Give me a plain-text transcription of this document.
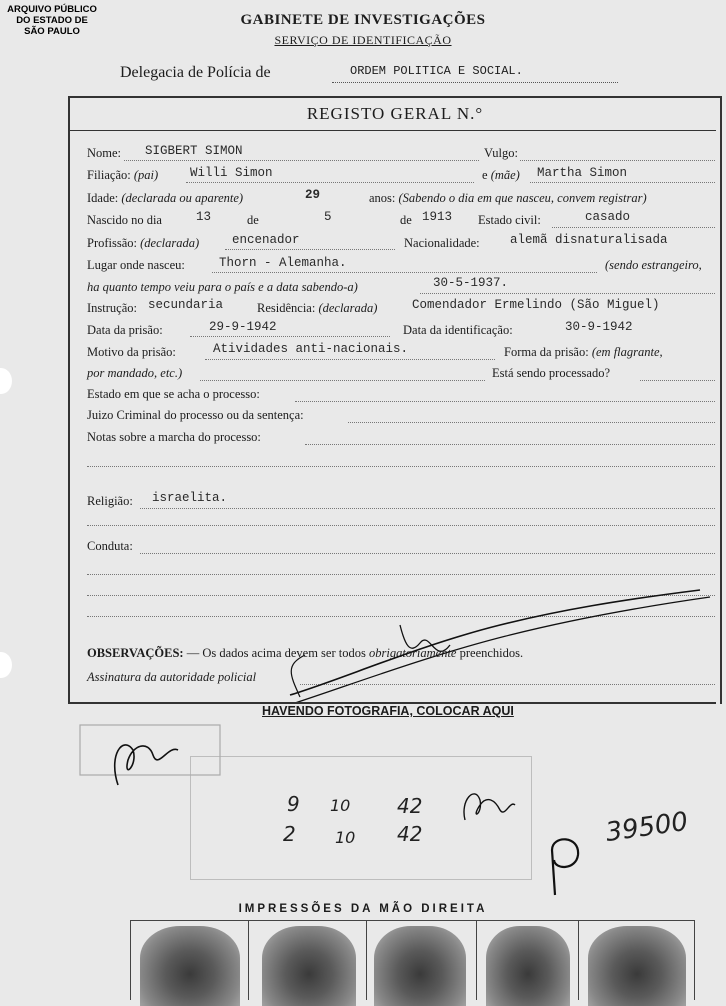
ARQUIVO PÚBLICO
DO ESTADO DE
SÃO PAULO
GABINETE DE INVESTIGAÇÕES
SERVIÇO DE IDENTIFICAÇÃO
Delegacia de Polícia de	ORDEM POLITICA E SOCIAL.
REGISTO GERAL N.°
Nome: SIGBERT SIMON	Vulgo:
Filiação: (pai)	Willi Simon	e (mãe) Martha Simon
Idade: (declarada ou aparente)	29	anos: (Sabendo o dia em que nasceu, convem registrar)
Nascido no dia	13	de	5	de 1913 Estado civil:	casado
Profissão: (declarada)	encenador	Nacionalidade: alemã disnaturalisada
Lugar onde nasceu:	Thorn - Alemanha.	(sendo estrangeiro,
ha quanto tempo veiu para o país e a data sabendo-a)	30-5-1937.
Instrução: secundaria	Residência: (declarada)	Comendador Ermelindo (São Miguel)
Data da prisão:	29-9-1942	Data da identificação:	30-9-1942
Motivo da prisão:	Atividades anti-nacionais.	Forma da prisão: (em flagrante,
por mandado, etc.)	Está sendo processado?
Estado em que se acha o processo:
Juizo Criminal do processo ou da sentença:
Notas sobre a marcha do processo:
Religião: israelita.
Conduta:
OBSERVAÇÕES: — Os dados acima devem ser todos obrigatoriamente preenchidos.
Assinatura da autoridade policial
HAVENDO FOTOGRAFIA, COLOCAR AQUI
9 10 42
2 10 42	39500
IMPRESSÕES DA MÃO DIREITA
